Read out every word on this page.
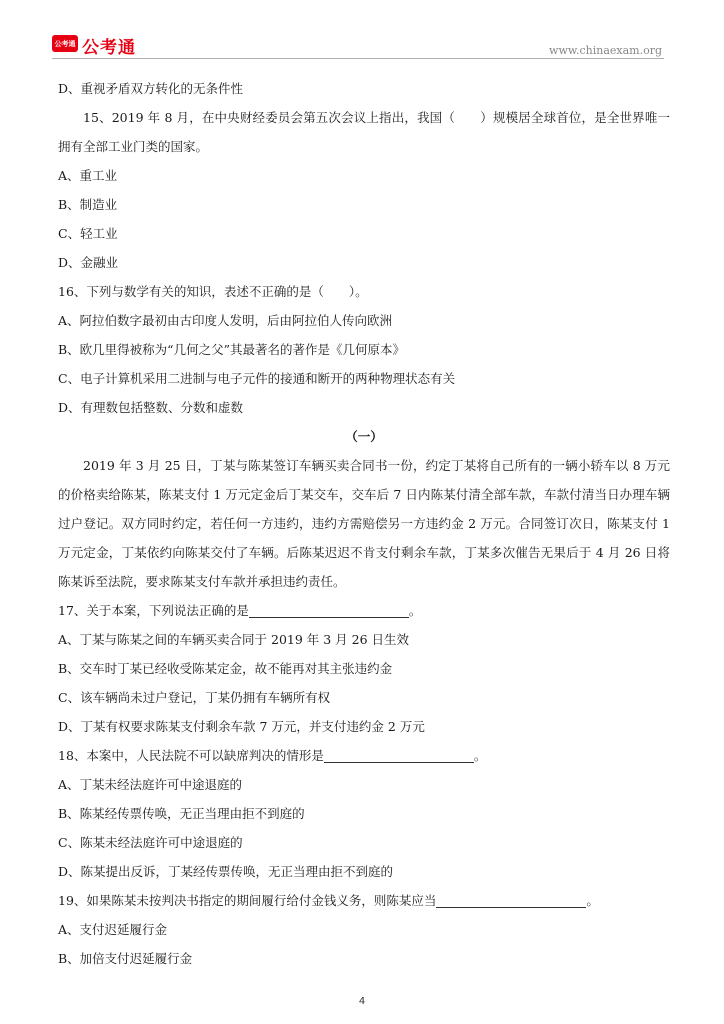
公考通 公考通	www.chinaexam.org

D、重视矛盾双方转化的无条件性

15、2019 年 8 月，在中央财经委员会第五次会议上指出，我国（　　）规模居全球首位，是全世界唯一拥有全部工业门类的国家。

A、重工业

B、制造业

C、轻工业

D、金融业

16、下列与数学有关的知识，表述不正确的是（　　）。

A、阿拉伯数字最初由古印度人发明，后由阿拉伯人传向欧洲

B、欧几里得被称为“几何之父”其最著名的著作是《几何原本》

C、电子计算机采用二进制与电子元件的接通和断开的两种物理状态有关

D、有理数包括整数、分数和虚数

（一）

2019 年 3 月 25 日，丁某与陈某签订车辆买卖合同书一份，约定丁某将自己所有的一辆小轿车以 8 万元的价格卖给陈某，陈某支付 1 万元定金后丁某交车，交车后 7 日内陈某付清全部车款，车款付清当日办理车辆过户登记。双方同时约定，若任何一方违约，违约方需赔偿另一方违约金 2 万元。合同签订次日，陈某支付 1 万元定金，丁某依约向陈某交付了车辆。后陈某迟迟不肯支付剩余车款，丁某多次催告无果后于 4 月 26 日将陈某诉至法院，要求陈某支付车款并承担违约责任。

17、关于本案，下列说法正确的是	。

A、丁某与陈某之间的车辆买卖合同于 2019 年 3 月 26 日生效

B、交车时丁某已经收受陈某定金，故不能再对其主张违约金

C、该车辆尚未过户登记，丁某仍拥有车辆所有权

D、丁某有权要求陈某支付剩余车款 7 万元，并支付违约金 2 万元

18、本案中，人民法院不可以缺席判决的情形是	。

A、丁某未经法庭许可中途退庭的

B、陈某经传票传唤，无正当理由拒不到庭的

C、陈某未经法庭许可中途退庭的

D、陈某提出反诉，丁某经传票传唤，无正当理由拒不到庭的

19、如果陈某未按判决书指定的期间履行给付金钱义务，则陈某应当	。

A、支付迟延履行金

B、加倍支付迟延履行金

4
